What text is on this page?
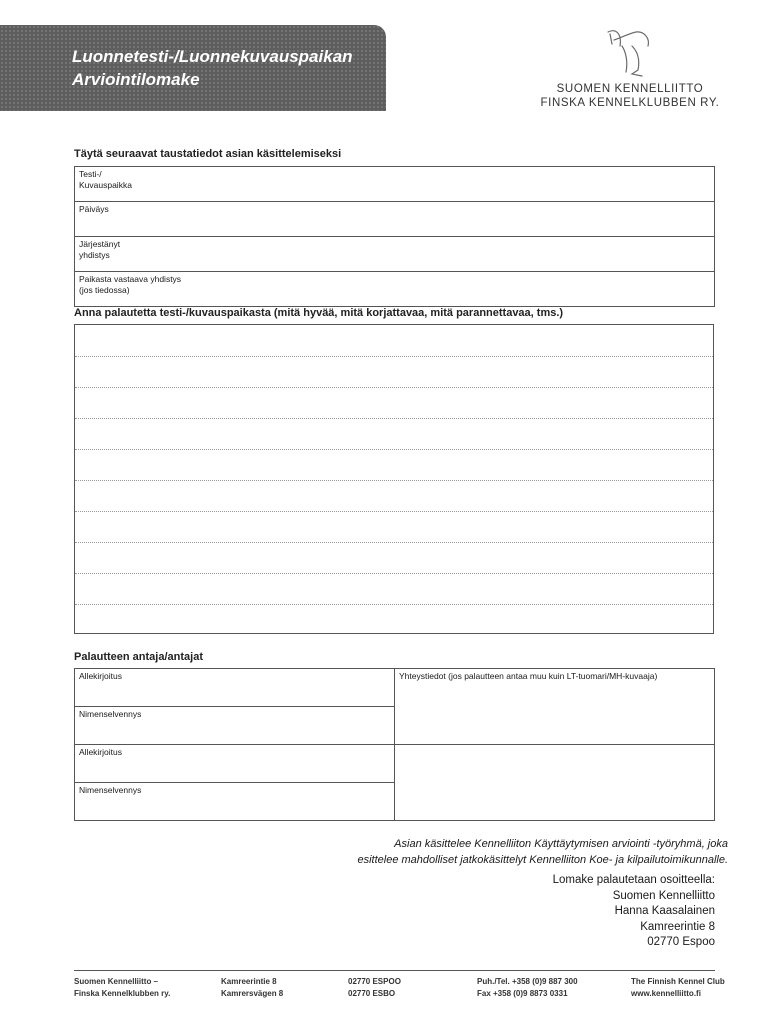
Luonnetesti-/Luonnekuvauspaikan
Arviointilomake	SUOMEN KENNELLIITTO
FINSKA KENNELKLUBBEN RY.
Täytä seuraavat taustatiedot asian käsittelemiseksi
Testi-/
Kuvauspaikka
Päiväys
Järjestänyt
yhdistys
Paikasta vastaava yhdistys
(jos tiedossa)
Anna palautetta testi-/kuvauspaikasta (mitä hyvää, mitä korjattavaa, mitä parannettavaa, tms.)
Palautteen antaja/antajat
Allekirjoitus	Yhteystiedot (jos palautteen antaa muu kuin LT-tuomari/MH-kuvaaja)
Nimenselvennys	
Allekirjoitus	
Nimenselvennys	
Asian käsittelee Kennelliiton Käyttäytymisen arviointi -työryhmä, joka
esittelee mahdolliset jatkokäsittelyt Kennelliiton Koe- ja kilpailutoimikunnalle.
Lomake palautetaan osoitteella:
Suomen Kennelliitto
Hanna Kaasalainen
Kamreerintie 8
02770 Espoo
Suomen Kennelliitto –
Finska Kennelklubben ry.
Kamreerintie 8
Kamrersvägen 8
02770 ESPOO
02770 ESBO
Puh./Tel. +358 (0)9 887 300
Fax +358 (0)9 8873 0331
The Finnish Kennel Club
www.kennelliitto.fi
